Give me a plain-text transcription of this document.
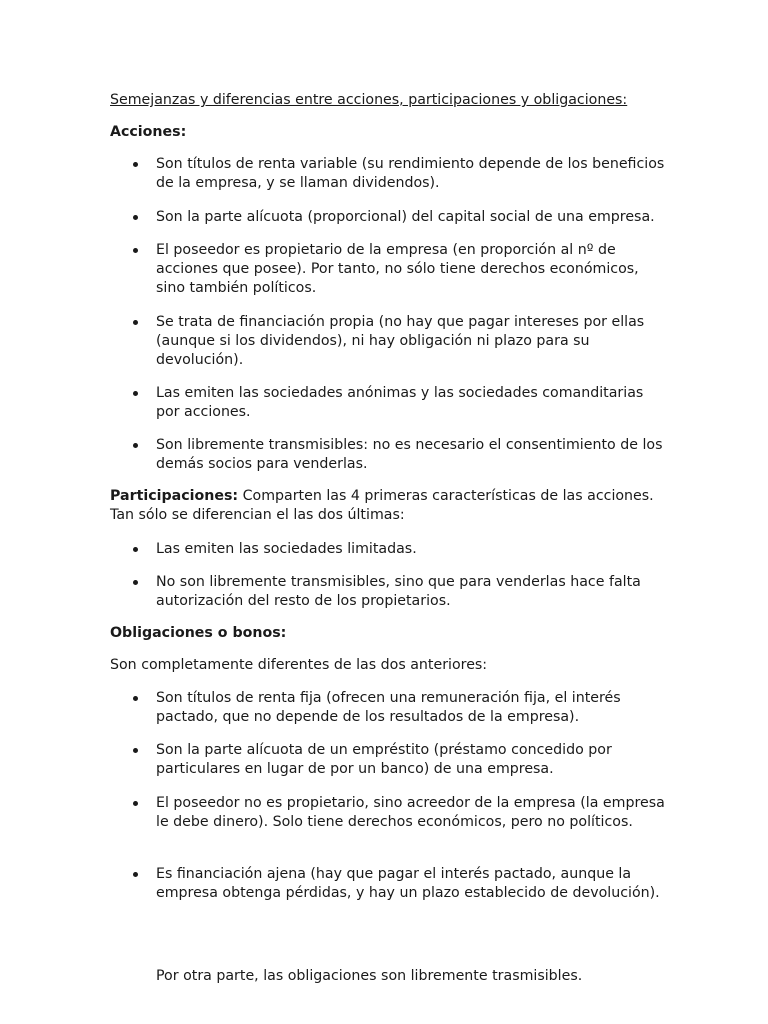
Semejanzas y diferencias entre acciones, participaciones y obligaciones:

Acciones:

Son títulos de renta variable (su rendimiento depende de los beneficios de la empresa, y se llaman dividendos).
Son la parte alícuota (proporcional) del capital social de una empresa.
El poseedor es propietario de la empresa (en proporción al nº de acciones que posee). Por tanto, no sólo tiene derechos económicos, sino también políticos.
Se trata de financiación propia (no hay que pagar intereses por ellas (aunque si los dividendos), ni hay obligación ni plazo para su devolución).
Las emiten las sociedades anónimas y las sociedades comanditarias por acciones.
Son libremente transmisibles: no es necesario el consentimiento de los demás socios para venderlas.

Participaciones: Comparten las 4 primeras características de las acciones. Tan sólo se diferencian el las dos últimas:

Las emiten las sociedades limitadas.
No son libremente transmisibles, sino que para venderlas hace falta autorización del resto de los propietarios.

Obligaciones o bonos:

Son completamente diferentes de las dos anteriores:

Son títulos de renta fija (ofrecen una remuneración fija, el interés pactado, que no depende de los resultados de la empresa).
Son la parte alícuota de un empréstito (préstamo concedido por particulares en lugar de por un banco) de una empresa.
El poseedor no es propietario, sino acreedor de la empresa (la empresa le debe dinero). Solo tiene derechos económicos, pero no políticos.
Es financiación ajena (hay que pagar el interés pactado, aunque la empresa obtenga pérdidas, y hay un plazo establecido de devolución).

Por otra parte, las obligaciones son libremente trasmisibles.
